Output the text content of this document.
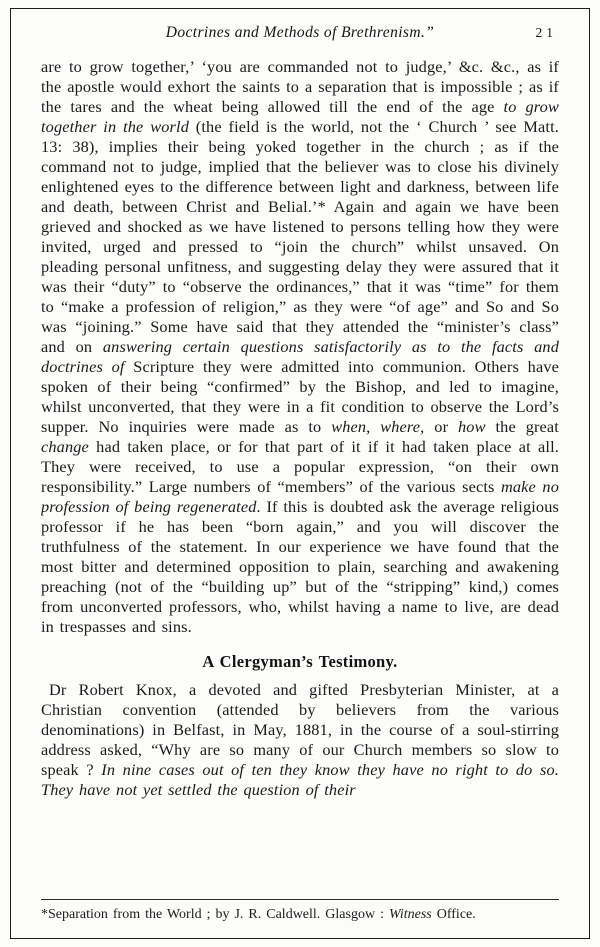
Doctrines and Methods of Brethrenism.”	21

are to grow together,’ ‘you are commanded not to judge,’ &c. &c., as if the apostle would exhort the saints to a separation that is impossible ; as if the tares and the wheat being allowed till the end of the age to grow together in the world (the field is the world, not the ‘ Church ’ see Matt. 13: 38), implies their being yoked together in the church ; as if the command not to judge, implied that the believer was to close his divinely enlightened eyes to the difference between light and darkness, between life and death, between Christ and Belial.’* Again and again we have been grieved and shocked as we have listened to persons telling how they were invited, urged and pressed to “join the church” whilst unsaved. On pleading personal unfitness, and suggesting delay they were assured that it was their “duty” to “observe the ordinances,” that it was “time” for them to “make a profession of religion,” as they were “of age” and So and So was “joining.” Some have said that they attended the “minister’s class” and on answering certain questions satisfactorily as to the facts and doctrines of Scripture they were admitted into communion. Others have spoken of their being “confirmed” by the Bishop, and led to imagine, whilst unconverted, that they were in a fit condition to observe the Lord’s supper. No inquiries were made as to when, where, or how the great change had taken place, or for that part of it if it had taken place at all. They were received, to use a popular expression, “on their own responsibility.” Large numbers of “members” of the various sects make no profession of being regenerated. If this is doubted ask the average religious professor if he has been “born again,” and you will discover the truthfulness of the statement. In our experience we have found that the most bitter and determined opposition to plain, searching and awakening preaching (not of the “building up” but of the “stripping” kind,) comes from unconverted professors, who, whilst having a name to live, are dead in trespasses and sins.

A Clergyman’s Testimony.

Dr Robert Knox, a devoted and gifted Presbyterian Minister, at a Christian convention (attended by believers from the various denominations) in Belfast, in May, 1881, in the course of a soul-stirring address asked, “Why are so many of our Church members so slow to speak ? In nine cases out of ten they know they have no right to do so. They have not yet settled the question of their

*Separation from the World ; by J. R. Caldwell. Glasgow : Witness Office.
